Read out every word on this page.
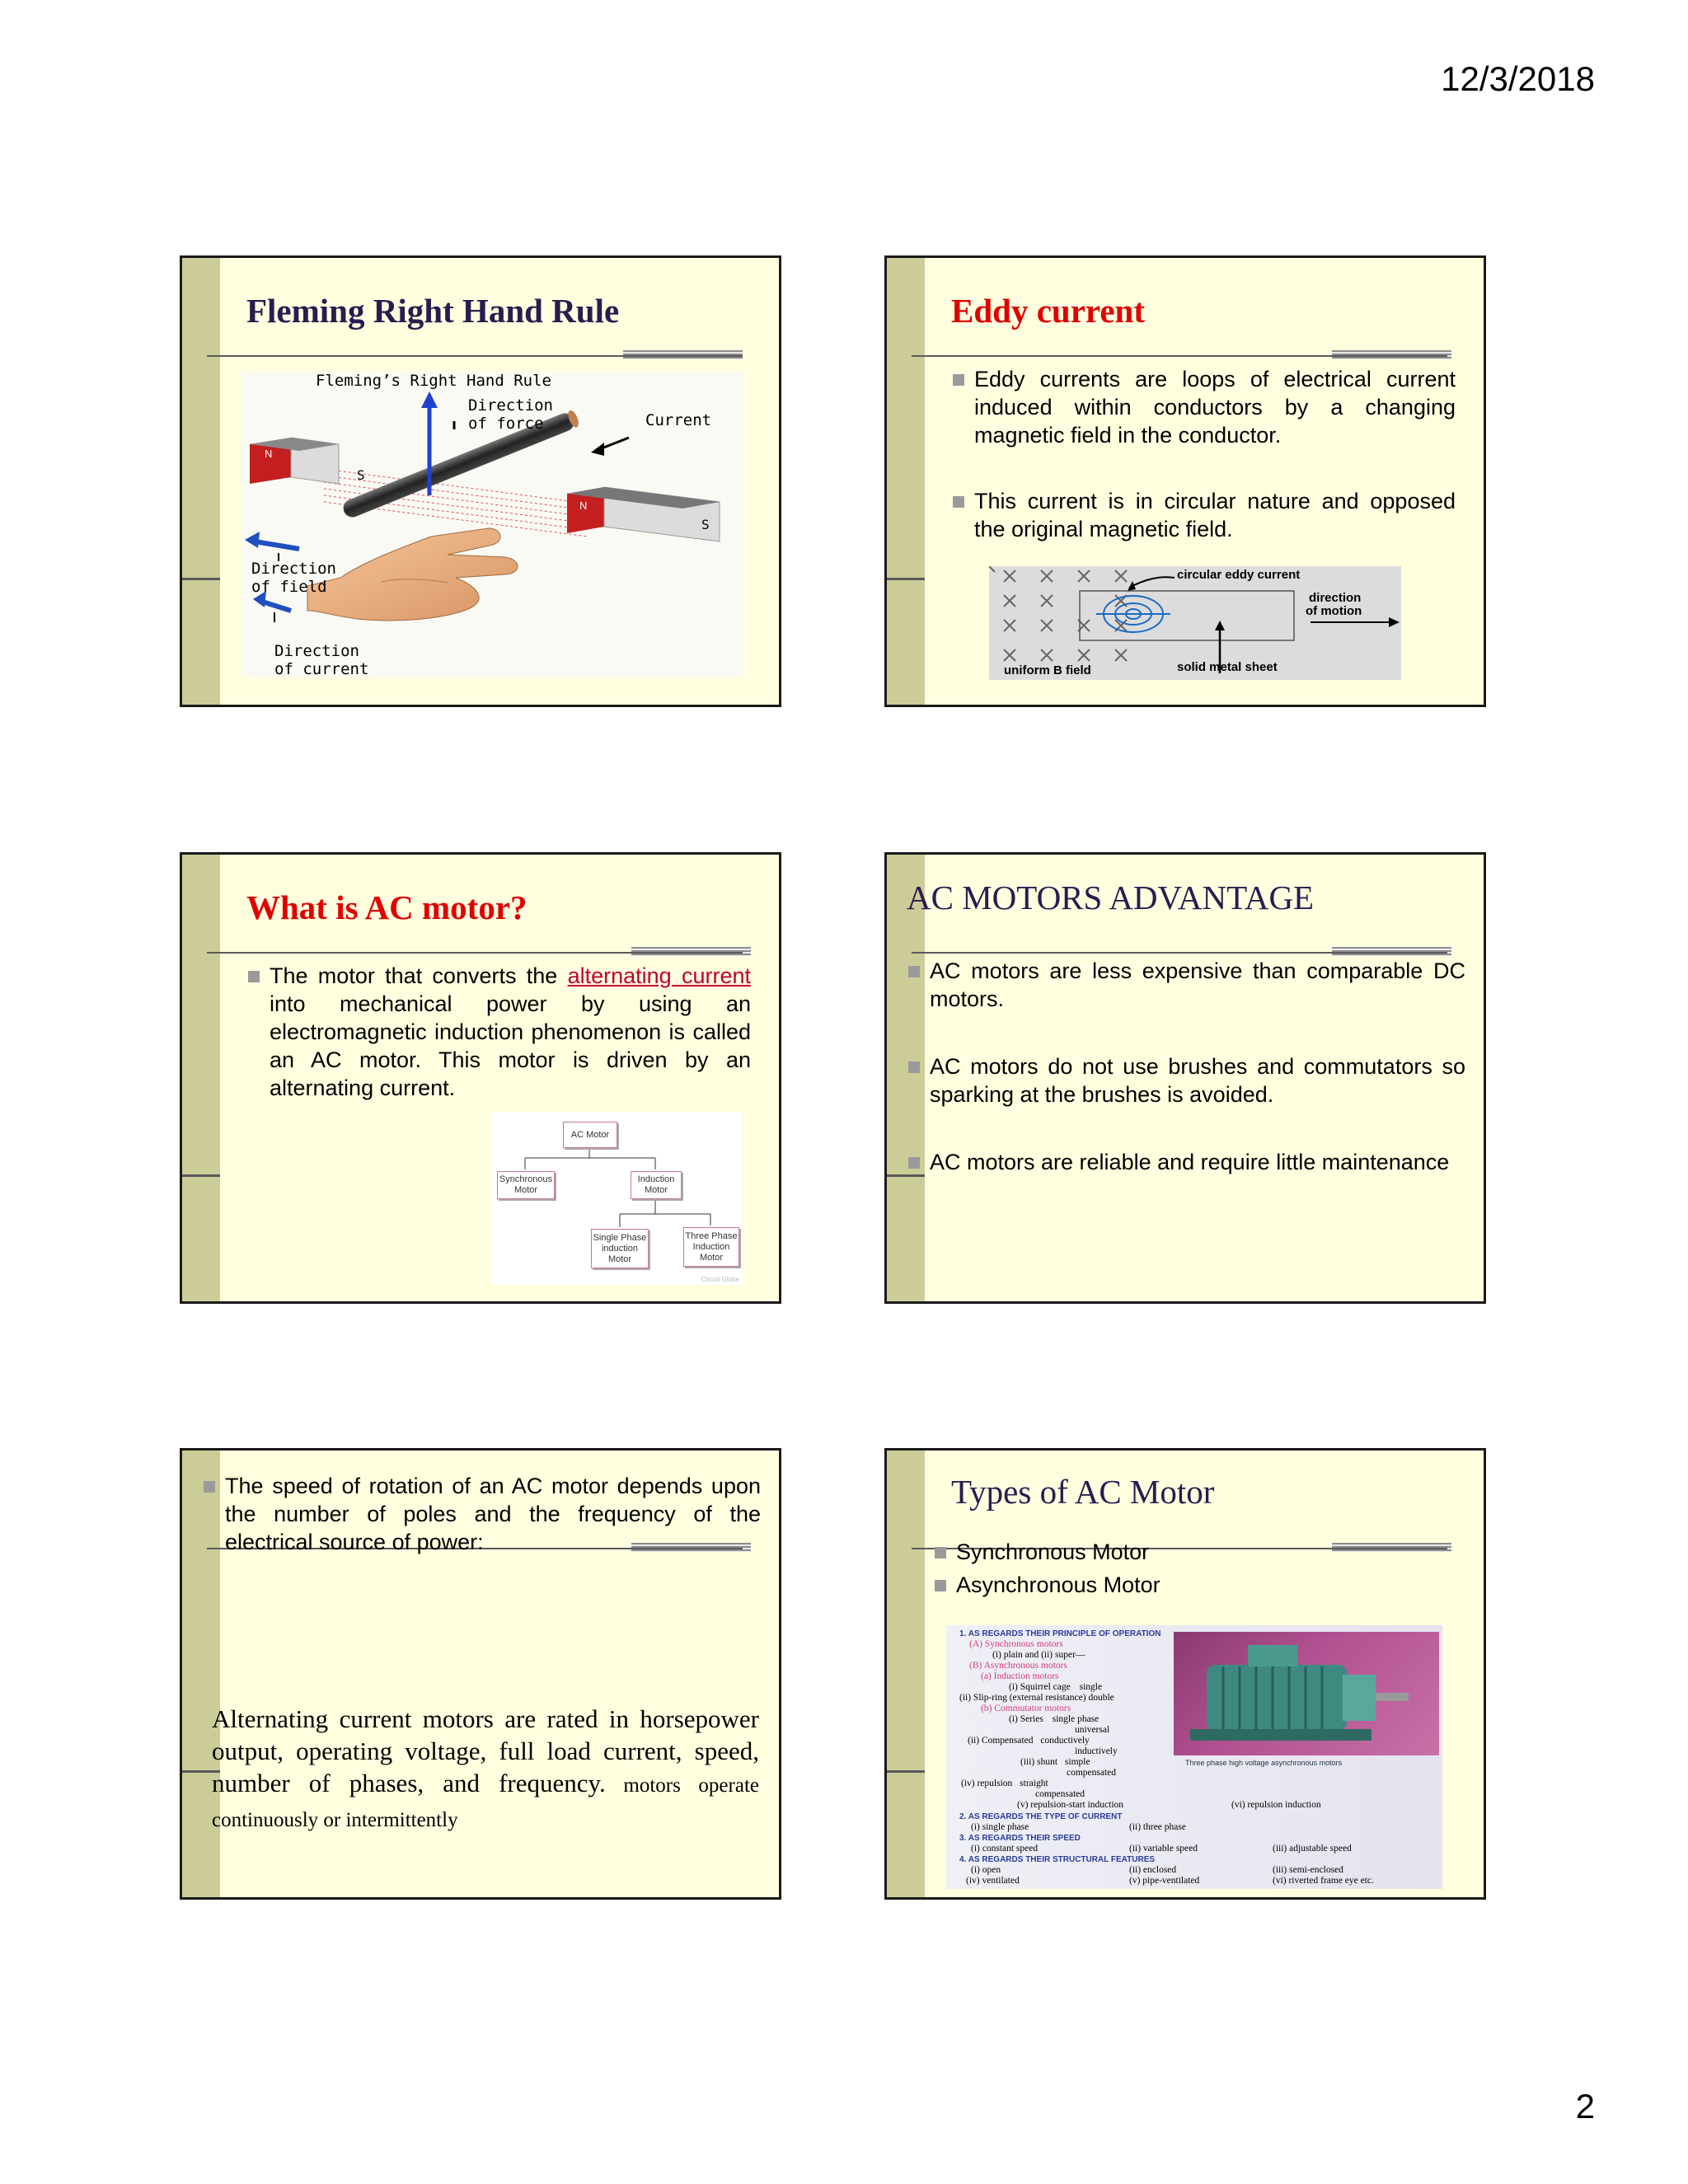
12/3/2018
Fleming Right Hand Rule
Fleming’s Right Hand Rule
Direction
of force	Current
Direction
of field
Direction
of current
N
S
N
S
Eddy current
Eddy currents are loops of electrical current induced within conductors by a changing magnetic field in the conductor.
This current is in circular nature and opposed the original magnetic field.
circular eddy current
direction
of motion
uniform B field	solid metal sheet
What is AC motor?
The motor that converts the alternating current into mechanical power by using an electromagnetic induction phenomenon is called an AC motor. This motor is driven by an alternating current.
AC Motor
Synchronous
Motor
Induction
Motor
Single Phase
induction
Motor
Three Phase
Induction
Motor
Circuit Globe
AC MOTORS ADVANTAGE
AC motors are less expensive than comparable DC motors.
AC motors do not use brushes and commutators so sparking at the brushes is avoided.
AC motors are reliable and require little maintenance
The speed of rotation of an AC motor depends upon the number of poles and the frequency of the electrical source of power:
Alternating current motors are rated in horsepower output, operating voltage, full load current, speed, number of phases, and frequency. motors operate continuously or intermittently
Types of AC Motor
Synchronous Motor
Asynchronous Motor
Three phase high voltage asynchronous motors
1. AS REGARDS THEIR PRINCIPLE OF OPERATION
(A) Synchronous motors
(i) plain and (ii) super—
(B) Asynchronous motors
(a) Induction motors
(i) Squirrel cage single
(ii) Slip-ring (external resistance) double
(b) Commutator motors
(i) Series single phase
universal
(ii) Compensated conductively
inductively
(iii) shunt simple
compensated
(iv) repulsion straight
compensated
(v) repulsion-start induction	(vi) repulsion induction
2. AS REGARDS THE TYPE OF CURRENT
(i) single phase	(ii) three phase
3. AS REGARDS THEIR SPEED
(i) constant speed	(ii) variable speed	(iii) adjustable speed
4. AS REGARDS THEIR STRUCTURAL FEATURES
(i) open	(ii) enclosed	(iii) semi-enclosed
(iv) ventilated	(v) pipe-ventilated	(vi) riverted frame eye etc.
2
